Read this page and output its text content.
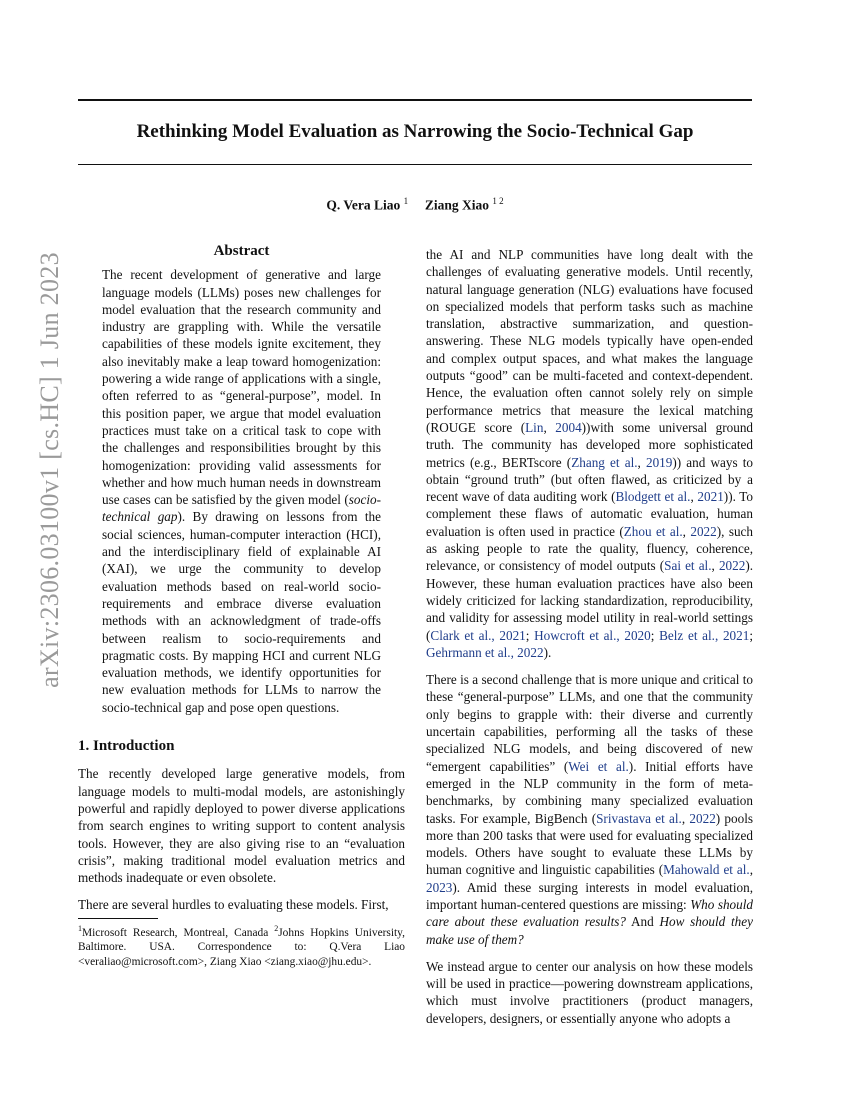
arXiv:2306.03100v1 [cs.HC] 1 Jun 2023
Rethinking Model Evaluation as Narrowing the Socio-Technical Gap
Q. Vera Liao $^1$ Ziang Xiao $^{1 2}$
Abstract

The recent development of generative and large language models (LLMs) poses new challenges for model evaluation that the research community and industry are grappling with. While the versatile capabilities of these models ignite excitement, they also inevitably make a leap toward homogenization: powering a wide range of applications with a single, often referred to as “general-purpose”, model. In this position paper, we argue that model evaluation practices must take on a critical task to cope with the challenges and responsibilities brought by this homogenization: providing valid assessments for whether and how much human needs in downstream use cases can be satisfied by the given model (socio-technical gap). By drawing on lessons from the social sciences, human-computer interaction (HCI), and the interdisciplinary field of explainable AI (XAI), we urge the community to develop evaluation methods based on real-world socio-requirements and embrace diverse evaluation methods with an acknowledgment of trade-offs between realism to socio-requirements and pragmatic costs. By mapping HCI and current NLG evaluation methods, we identify opportunities for new evaluation methods for LLMs to narrow the socio-technical gap and pose open questions.

1. Introduction

The recently developed large generative models, from language models to multi-modal models, are astonishingly powerful and rapidly deployed to power diverse applications from search engines to writing support to content analysis tools. However, they are also giving rise to an “evaluation crisis”, making traditional model evaluation metrics and methods inadequate or even obsolete.

There are several hurdles to evaluating these models. First,

the AI and NLP communities have long dealt with the challenges of evaluating generative models. Until recently, natural language generation (NLG) evaluations have focused on specialized models that perform tasks such as machine translation, abstractive summarization, and question-answering. These NLG models typically have open-ended and complex output spaces, and what makes the language outputs “good” can be multi-faceted and context-dependent. Hence, the evaluation often cannot solely rely on simple performance metrics that measure the lexical matching (ROUGE score (Lin, 2004))with some universal ground truth. The community has developed more sophisticated metrics (e.g., BERTscore (Zhang et al., 2019)) and ways to obtain “ground truth” (but often flawed, as criticized by a recent wave of data auditing work (Blodgett et al., 2021)). To complement these flaws of automatic evaluation, human evaluation is often used in practice (Zhou et al., 2022), such as asking people to rate the quality, fluency, coherence, relevance, or consistency of model outputs (Sai et al., 2022). However, these human evaluation practices have also been widely criticized for lacking standardization, reproducibility, and validity for assessing model utility in real-world settings (Clark et al., 2021; Howcroft et al., 2020; Belz et al., 2021; Gehrmann et al., 2022).

There is a second challenge that is more unique and critical to these “general-purpose” LLMs, and one that the community only begins to grapple with: their diverse and currently uncertain capabilities, performing all the tasks of these specialized NLG models, and being discovered of new “emergent capabilities” (Wei et al.). Initial efforts have emerged in the NLP community in the form of meta-benchmarks, by combining many specialized evaluation tasks. For example, BigBench (Srivastava et al., 2022) pools more than 200 tasks that were used for evaluating specialized models. Others have sought to evaluate these LLMs by human cognitive and linguistic capabilities (Mahowald et al., 2023). Amid these surging interests in model evaluation, important human-centered questions are missing: Who should care about these evaluation results? And How should they make use of them?

We instead argue to center our analysis on how these models will be used in practice—powering downstream applications, which must involve practitioners (product managers, developers, designers, or essentially anyone who adopts a

$^1$Microsoft Research, Montreal, Canada $^2$Johns Hopkins University, Baltimore. USA. Correspondence to: Q.Vera Liao <veraliao@microsoft.com>, Ziang Xiao <ziang.xiao@jhu.edu>.
